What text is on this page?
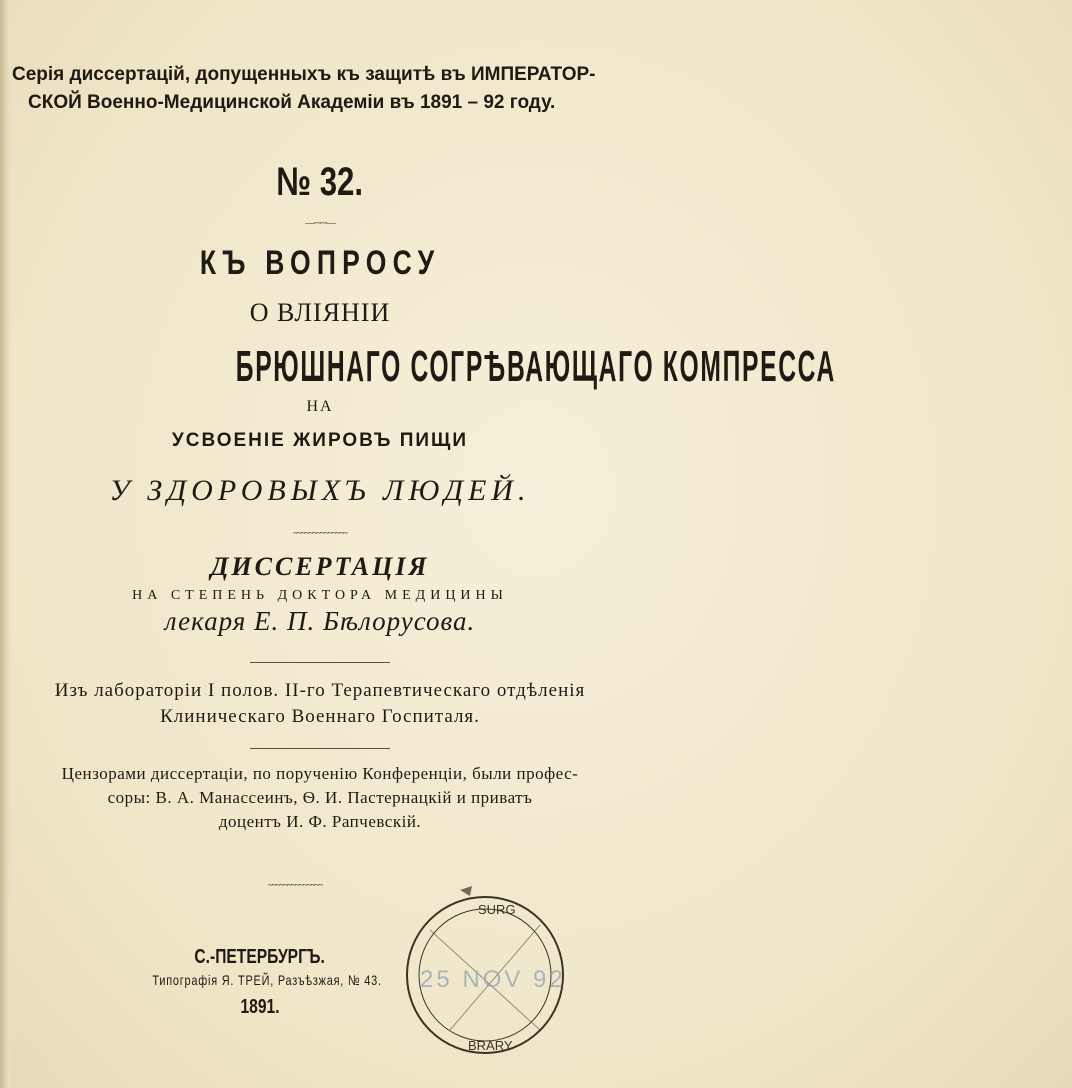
Серія диссертацій, допущенныхъ къ защитѣ въ ИМПЕРАТОР-
СКОЙ Военно-Медицинской Академіи въ 1891 – 92 году.
№ 32.
—·~·~·—
КЪ ВОПРОСУ
О ВЛІЯНІИ
БРЮШНАГО СОГРѢВАЮЩАГО КОМПРЕССА
НА
УСВОЕНІЕ ЖИРОВЪ ПИЩИ
У ЗДОРОВЫХЪ ЛЮДЕЙ.
~~~~~~~~~~~~~~
ДИССЕРТАЦІЯ
НА СТЕПЕНЬ ДОКТОРА МЕДИЦИНЫ
лекаря Е. П. Бѣлорусова.
Изъ лабораторіи I полов. II-го Терапевтическаго отдѣленія
Клиническаго Военнаго Госпиталя.
Цензорами диссертаціи, по порученію Конференціи, были профес-
соры: В. А. Манассеинъ, Ѳ. И. Пастернацкій и приватъ
доцентъ И. Ф. Рапчевскій.
~~~~~~~~~~~~~~
С.-ПЕТЕРБУРГЪ.
Типографія Я. ТРЕЙ, Разъѣзжая, № 43.
1891.
SURG
BRARY
25 NOV 92
